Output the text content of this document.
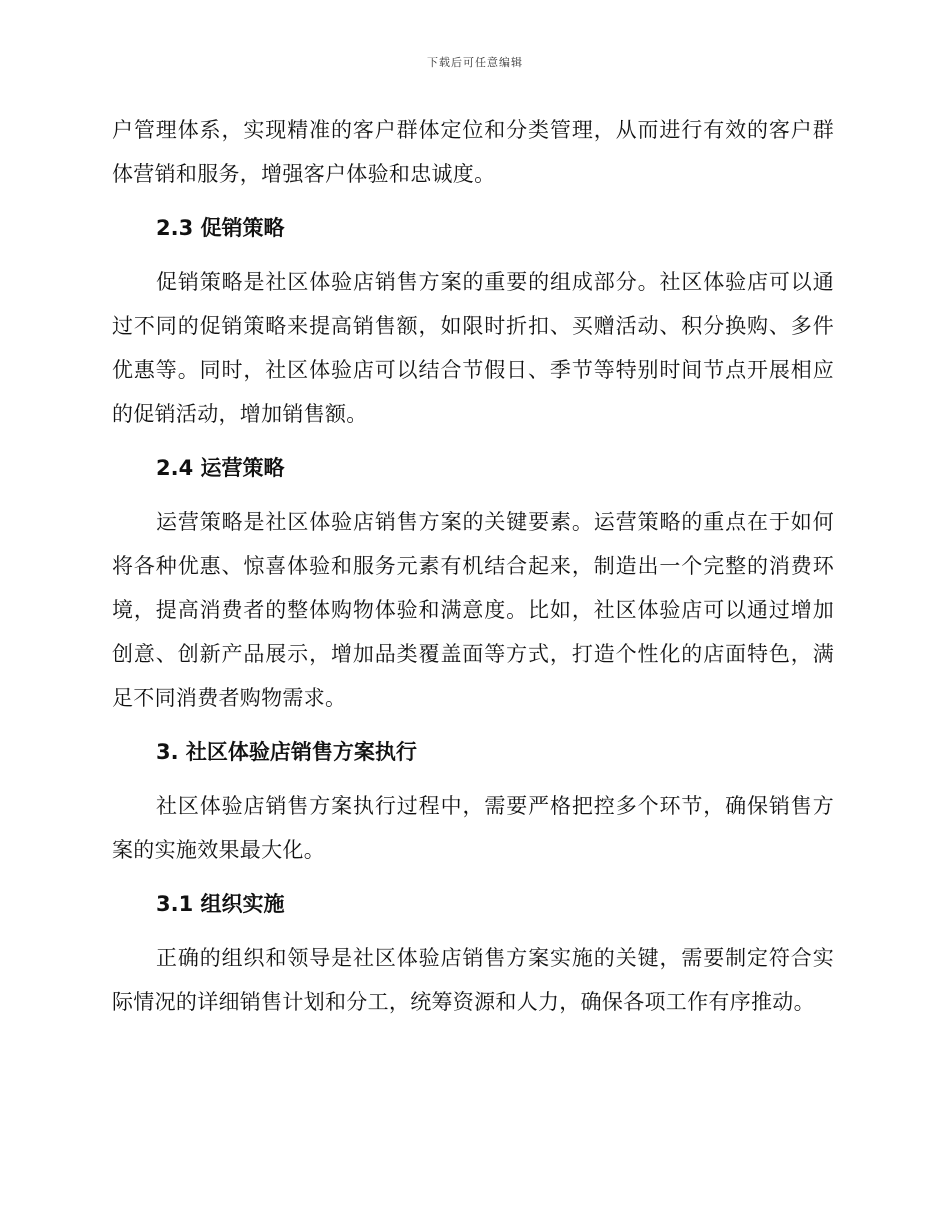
下载后可任意编辑

户管理体系，实现精准的客户群体定位和分类管理，从而进行有效的客户群体营销和服务，增强客户体验和忠诚度。

2.3 促销策略

促销策略是社区体验店销售方案的重要的组成部分。社区体验店可以通过不同的促销策略来提高销售额，如限时折扣、买赠活动、积分换购、多件优惠等。同时，社区体验店可以结合节假日、季节等特别时间节点开展相应的促销活动，增加销售额。

2.4 运营策略

运营策略是社区体验店销售方案的关键要素。运营策略的重点在于如何将各种优惠、惊喜体验和服务元素有机结合起来，制造出一个完整的消费环境，提高消费者的整体购物体验和满意度。比如，社区体验店可以通过增加创意、创新产品展示，增加品类覆盖面等方式，打造个性化的店面特色，满足不同消费者购物需求。

3. 社区体验店销售方案执行

社区体验店销售方案执行过程中，需要严格把控多个环节，确保销售方案的实施效果最大化。

3.1 组织实施

正确的组织和领导是社区体验店销售方案实施的关键，需要制定符合实际情况的详细销售计划和分工，统筹资源和人力，确保各项工作有序推动。
